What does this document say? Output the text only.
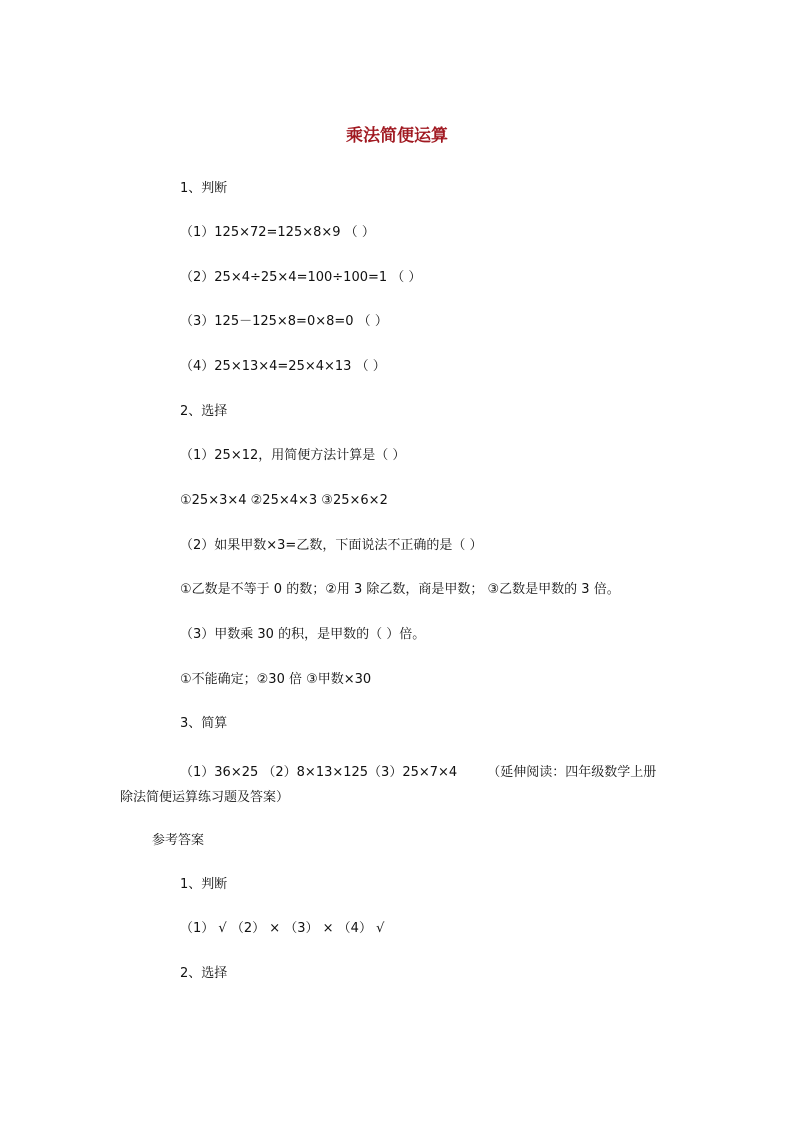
乘法简便运算
1、判断
（1）125×72=125×8×9 （ ）
（2）25×4÷25×4=100÷100=1 （ ）
（3）125－125×8=0×8=0 （ ）
（4）25×13×4=25×4×13 （ ）
2、选择
（1）25×12，用简便方法计算是（ ）
①25×3×4 ②25×4×3 ③25×6×2
（2）如果甲数×3=乙数，下面说法不正确的是（ ）
①乙数是不等于 0 的数；②用 3 除乙数，商是甲数； ③乙数是甲数的 3 倍。
（3）甲数乘 30 的积，是甲数的（ ）倍。
①不能确定；②30 倍 ③甲数×30
3、简算
（1）36×25 （2）8×13×125（3）25×7×4 （延伸阅读：四年级数学上册
除法简便运算练习题及答案）
参考答案
1、判断
（1） √ （2） × （3） × （4） √
2、选择
